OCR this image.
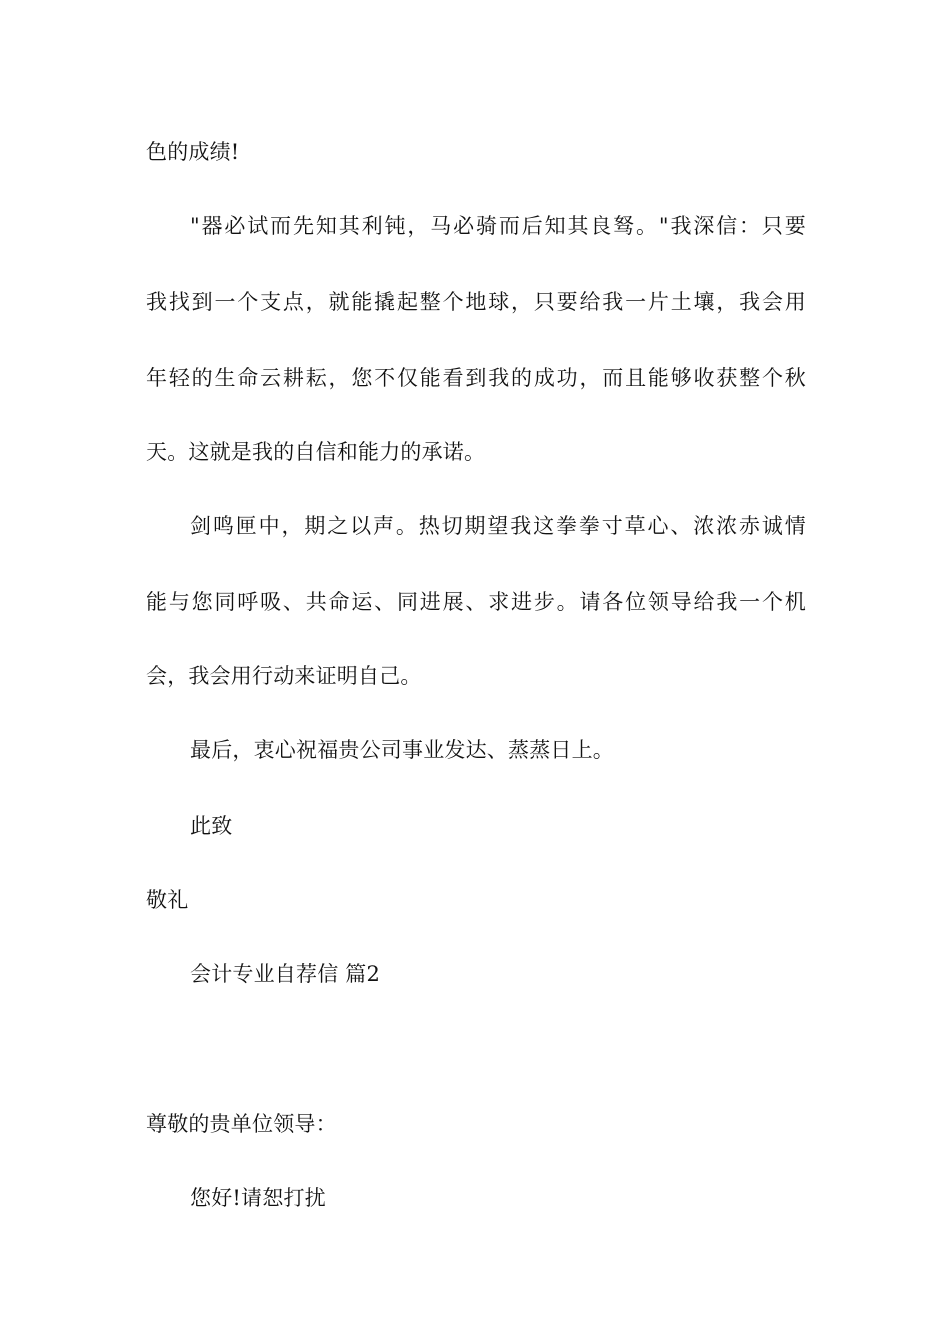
色的成绩!
"器必试而先知其利钝，马必骑而后知其良驽。"我深信：只要
我找到一个支点，就能撬起整个地球，只要给我一片土壤，我会用
年轻的生命云耕耘，您不仅能看到我的成功，而且能够收获整个秋
天。这就是我的自信和能力的承诺。
剑鸣匣中，期之以声。热切期望我这拳拳寸草心、浓浓赤诚情
能与您同呼吸、共命运、同进展、求进步。请各位领导给我一个机
会，我会用行动来证明自己。
最后，衷心祝福贵公司事业发达、蒸蒸日上。
此致
敬礼
会计专业自荐信 篇2
尊敬的贵单位领导：
您好!请恕打扰
